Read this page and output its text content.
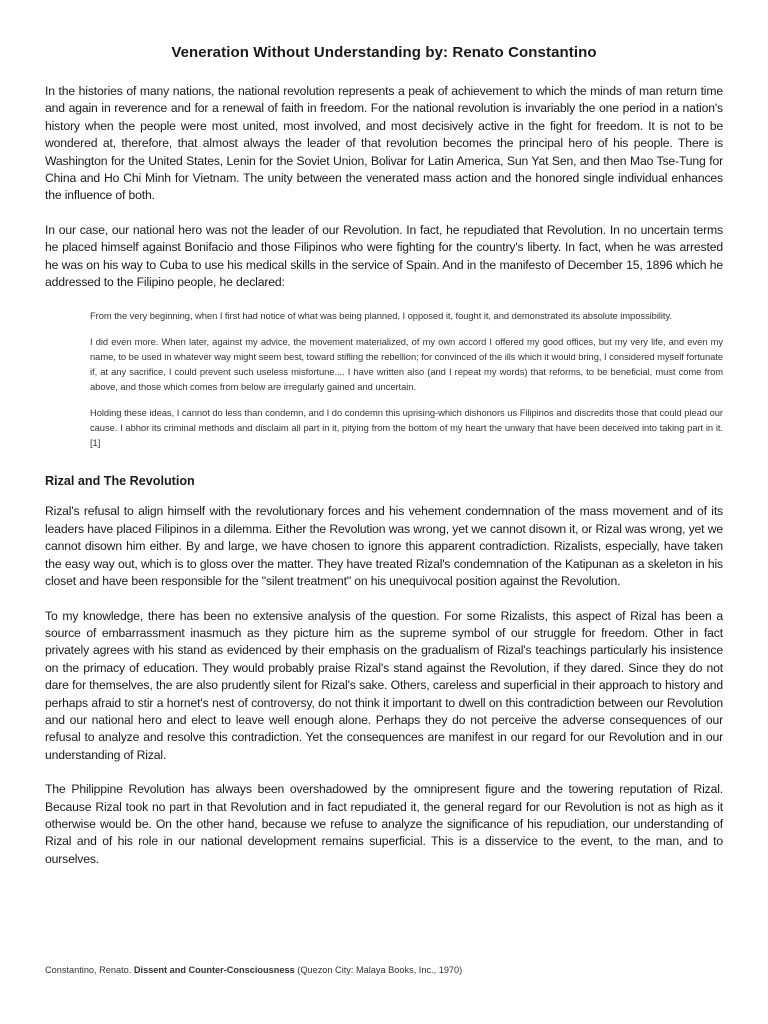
Veneration Without Understanding by: Renato Constantino

In the histories of many nations, the national revolution represents a peak of achievement to which the minds of man return time and again in reverence and for a renewal of faith in freedom. For the national revolution is invariably the one period in a nation's history when the people were most united, most involved, and most decisively active in the fight for freedom. It is not to be wondered at, therefore, that almost always the leader of that revolution becomes the principal hero of his people. There is Washington for the United States, Lenin for the Soviet Union, Bolivar for Latin America, Sun Yat Sen, and then Mao Tse-Tung for China and Ho Chi Minh for Vietnam. The unity between the venerated mass action and the honored single individual enhances the influence of both.

In our case, our national hero was not the leader of our Revolution. In fact, he repudiated that Revolution. In no uncertain terms he placed himself against Bonifacio and those Filipinos who were fighting for the country's liberty. In fact, when he was arrested he was on his way to Cuba to use his medical skills in the service of Spain. And in the manifesto of December 15, 1896 which he addressed to the Filipino people, he declared:

From the very beginning, when I first had notice of what was being planned, I opposed it, fought it, and demonstrated its absolute impossibility.

I did even more. When later, against my advice, the movement materialized, of my own accord I offered my good offices, but my very life, and even my name, to be used in whatever way might seem best, toward stifling the rebellion; for convinced of the ills which it would bring, I considered myself fortunate if, at any sacrifice, I could prevent such useless misfortune.... I have written also (and I repeat my words) that reforms, to be beneficial, must come from above, and those which comes from below are irregularly gained and uncertain.

Holding these ideas, I cannot do less than condemn, and I do condemn this uprising-which dishonors us Filipinos and discredits those that could plead our cause. I abhor its criminal methods and disclaim all part in it, pitying from the bottom of my heart the unwary that have been deceived into taking part in it. [1]

Rizal and The Revolution

Rizal's refusal to align himself with the revolutionary forces and his vehement condemnation of the mass movement and of its leaders have placed Filipinos in a dilemma. Either the Revolution was wrong, yet we cannot disown it, or Rizal was wrong, yet we cannot disown him either. By and large, we have chosen to ignore this apparent contradiction. Rizalists, especially, have taken the easy way out, which is to gloss over the matter. They have treated Rizal's condemnation of the Katipunan as a skeleton in his closet and have been responsible for the "silent treatment" on his unequivocal position against the Revolution.

To my knowledge, there has been no extensive analysis of the question. For some Rizalists, this aspect of Rizal has been a source of embarrassment inasmuch as they picture him as the supreme symbol of our struggle for freedom. Other in fact privately agrees with his stand as evidenced by their emphasis on the gradualism of Rizal's teachings particularly his insistence on the primacy of education. They would probably praise Rizal's stand against the Revolution, if they dared. Since they do not dare for themselves, the are also prudently silent for Rizal's sake. Others, careless and superficial in their approach to history and perhaps afraid to stir a hornet's nest of controversy, do not think it important to dwell on this contradiction between our Revolution and our national hero and elect to leave well enough alone. Perhaps they do not perceive the adverse consequences of our refusal to analyze and resolve this contradiction. Yet the consequences are manifest in our regard for our Revolution and in our understanding of Rizal.

The Philippine Revolution has always been overshadowed by the omnipresent figure and the towering reputation of Rizal. Because Rizal took no part in that Revolution and in fact repudiated it, the general regard for our Revolution is not as high as it otherwise would be. On the other hand, because we refuse to analyze the significance of his repudiation, our understanding of Rizal and of his role in our national development remains superficial. This is a disservice to the event, to the man, and to ourselves.

Constantino, Renato. Dissent and Counter-Consciousness (Quezon City: Malaya Books, Inc., 1970)
